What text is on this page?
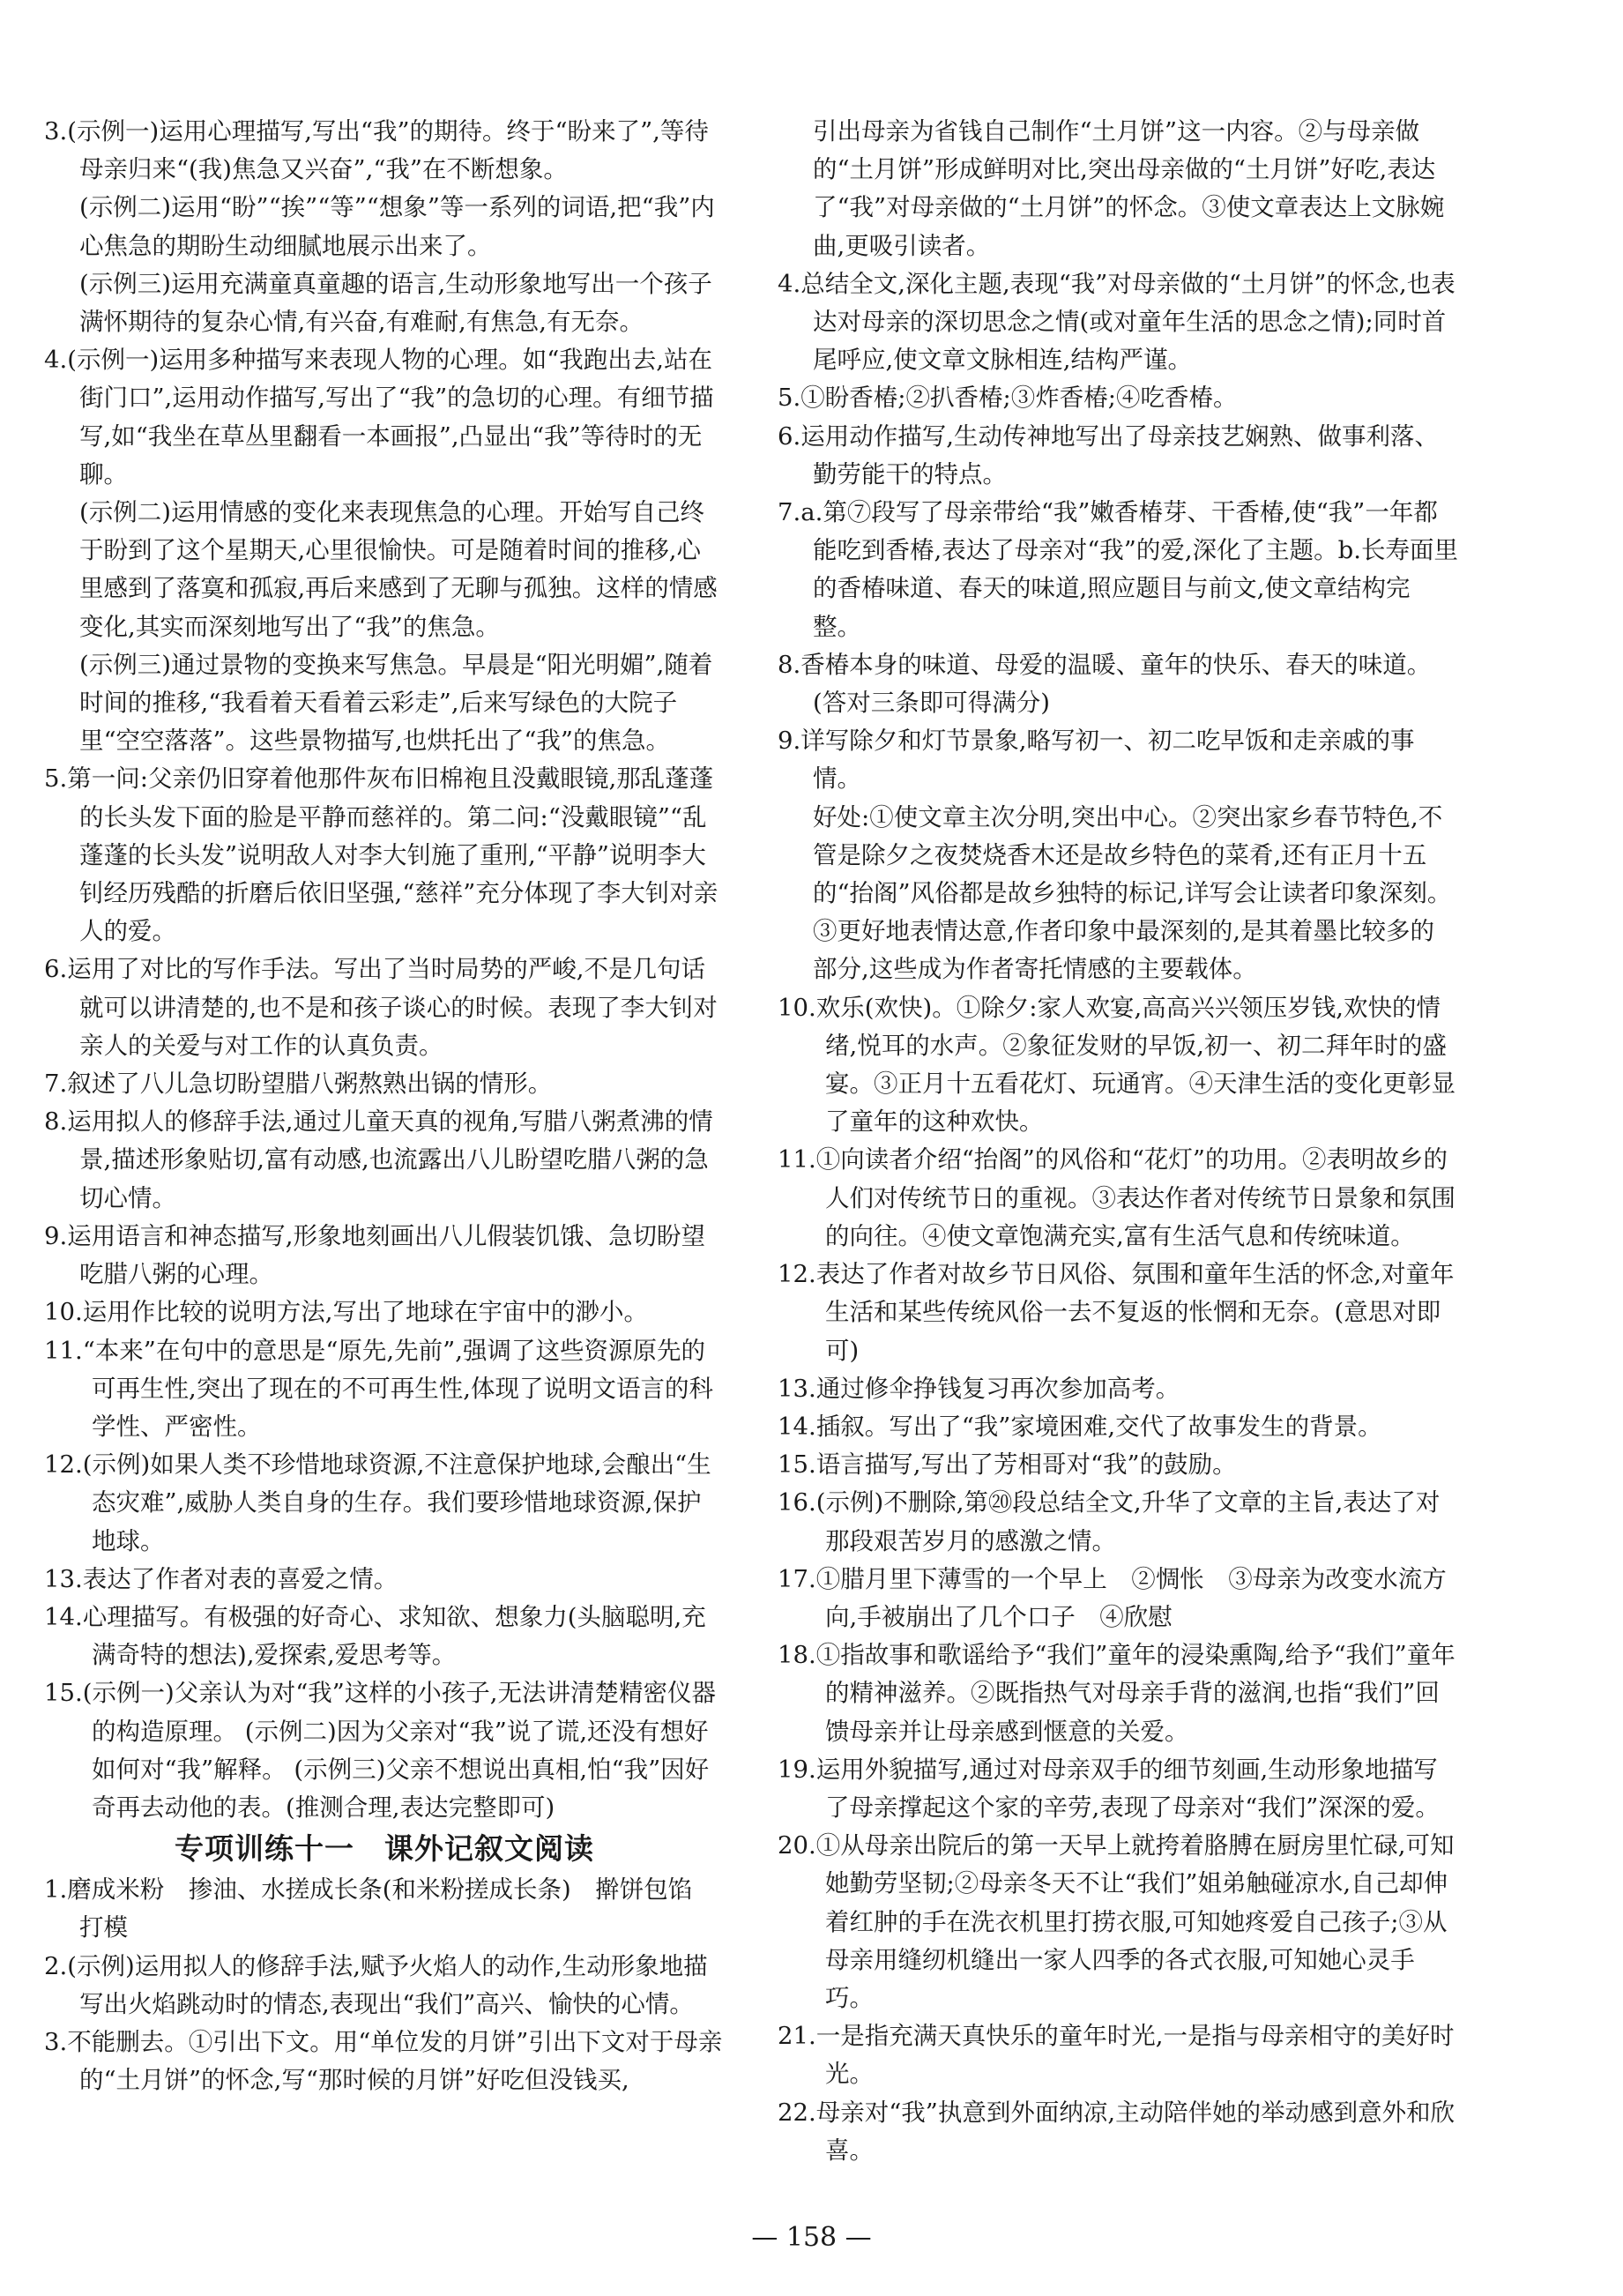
3.(示例一)运用心理描写,写出“我”的期待。终于“盼来了”,等待母亲归来“(我)焦急又兴奋”,“我”在不断想象。

(示例二)运用“盼”“挨”“等”“想象”等一系列的词语,把“我”内心焦急的期盼生动细腻地展示出来了。

(示例三)运用充满童真童趣的语言,生动形象地写出一个孩子满怀期待的复杂心情,有兴奋,有难耐,有焦急,有无奈。

4.(示例一)运用多种描写来表现人物的心理。如“我跑出去,站在街门口”,运用动作描写,写出了“我”的急切的心理。有细节描写,如“我坐在草丛里翻看一本画报”,凸显出“我”等待时的无聊。

(示例二)运用情感的变化来表现焦急的心理。开始写自己终于盼到了这个星期天,心里很愉快。可是随着时间的推移,心里感到了落寞和孤寂,再后来感到了无聊与孤独。这样的情感变化,其实而深刻地写出了“我”的焦急。

(示例三)通过景物的变换来写焦急。早晨是“阳光明媚”,随着时间的推移,“我看着天看着云彩走”,后来写绿色的大院子里“空空落落”。这些景物描写,也烘托出了“我”的焦急。

5.第一问:父亲仍旧穿着他那件灰布旧棉袍且没戴眼镜,那乱蓬蓬的长头发下面的脸是平静而慈祥的。第二问:“没戴眼镜”“乱蓬蓬的长头发”说明敌人对李大钊施了重刑,“平静”说明李大钊经历残酷的折磨后依旧坚强,“慈祥”充分体现了李大钊对亲人的爱。

6.运用了对比的写作手法。写出了当时局势的严峻,不是几句话就可以讲清楚的,也不是和孩子谈心的时候。表现了李大钊对亲人的关爱与对工作的认真负责。

7.叙述了八儿急切盼望腊八粥熬熟出锅的情形。

8.运用拟人的修辞手法,通过儿童天真的视角,写腊八粥煮沸的情景,描述形象贴切,富有动感,也流露出八儿盼望吃腊八粥的急切心情。

9.运用语言和神态描写,形象地刻画出八儿假装饥饿、急切盼望吃腊八粥的心理。

10.运用作比较的说明方法,写出了地球在宇宙中的渺小。

11.“本来”在句中的意思是“原先,先前”,强调了这些资源原先的可再生性,突出了现在的不可再生性,体现了说明文语言的科学性、严密性。

12.(示例)如果人类不珍惜地球资源,不注意保护地球,会酿出“生态灾难”,威胁人类自身的生存。我们要珍惜地球资源,保护地球。

13.表达了作者对表的喜爱之情。

14.心理描写。有极强的好奇心、求知欲、想象力(头脑聪明,充满奇特的想法),爱探索,爱思考等。

15.(示例一)父亲认为对“我”这样的小孩子,无法讲清楚精密仪器的构造原理。 (示例二)因为父亲对“我”说了谎,还没有想好如何对“我”解释。 (示例三)父亲不想说出真相,怕“我”因好奇再去动他的表。(推测合理,表达完整即可)

专项训练十一　课外记叙文阅读

1.磨成米粉　掺油、水搓成长条(和米粉搓成长条)　擀饼包馅　打模

2.(示例)运用拟人的修辞手法,赋予火焰人的动作,生动形象地描写出火焰跳动时的情态,表现出“我们”高兴、愉快的心情。

3.不能删去。①引出下文。用“单位发的月饼”引出下文对于母亲的“土月饼”的怀念,写“那时候的月饼”好吃但没钱买,

引出母亲为省钱自己制作“土月饼”这一内容。②与母亲做的“土月饼”形成鲜明对比,突出母亲做的“土月饼”好吃,表达了“我”对母亲做的“土月饼”的怀念。③使文章表达上文脉婉曲,更吸引读者。

4.总结全文,深化主题,表现“我”对母亲做的“土月饼”的怀念,也表达对母亲的深切思念之情(或对童年生活的思念之情);同时首尾呼应,使文章文脉相连,结构严谨。

5.①盼香椿;②扒香椿;③炸香椿;④吃香椿。

6.运用动作描写,生动传神地写出了母亲技艺娴熟、做事利落、勤劳能干的特点。

7.a.第⑦段写了母亲带给“我”嫩香椿芽、干香椿,使“我”一年都能吃到香椿,表达了母亲对“我”的爱,深化了主题。b.长寿面里的香椿味道、春天的味道,照应题目与前文,使文章结构完整。

8.香椿本身的味道、母爱的温暖、童年的快乐、春天的味道。(答对三条即可得满分)

9.详写除夕和灯节景象,略写初一、初二吃早饭和走亲戚的事情。

好处:①使文章主次分明,突出中心。②突出家乡春节特色,不管是除夕之夜焚烧香木还是故乡特色的菜肴,还有正月十五的“抬阁”风俗都是故乡独特的标记,详写会让读者印象深刻。③更好地表情达意,作者印象中最深刻的,是其着墨比较多的部分,这些成为作者寄托情感的主要载体。

10.欢乐(欢快)。①除夕:家人欢宴,高高兴兴领压岁钱,欢快的情绪,悦耳的水声。②象征发财的早饭,初一、初二拜年时的盛宴。③正月十五看花灯、玩通宵。④天津生活的变化更彰显了童年的这种欢快。

11.①向读者介绍“抬阁”的风俗和“花灯”的功用。②表明故乡的人们对传统节日的重视。③表达作者对传统节日景象和氛围的向往。④使文章饱满充实,富有生活气息和传统味道。

12.表达了作者对故乡节日风俗、氛围和童年生活的怀念,对童年生活和某些传统风俗一去不复返的怅惘和无奈。(意思对即可)

13.通过修伞挣钱复习再次参加高考。

14.插叙。写出了“我”家境困难,交代了故事发生的背景。

15.语言描写,写出了芳相哥对“我”的鼓励。

16.(示例)不删除,第⑳段总结全文,升华了文章的主旨,表达了对那段艰苦岁月的感激之情。

17.①腊月里下薄雪的一个早上　②惆怅　③母亲为改变水流方向,手被崩出了几个口子　④欣慰

18.①指故事和歌谣给予“我们”童年的浸染熏陶,给予“我们”童年的精神滋养。②既指热气对母亲手背的滋润,也指“我们”回馈母亲并让母亲感到惬意的关爱。

19.运用外貌描写,通过对母亲双手的细节刻画,生动形象地描写了母亲撑起这个家的辛劳,表现了母亲对“我们”深深的爱。

20.①从母亲出院后的第一天早上就挎着胳膊在厨房里忙碌,可知她勤劳坚韧;②母亲冬天不让“我们”姐弟触碰凉水,自己却伸着红肿的手在洗衣机里打捞衣服,可知她疼爱自己孩子;③从母亲用缝纫机缝出一家人四季的各式衣服,可知她心灵手巧。

21.一是指充满天真快乐的童年时光,一是指与母亲相守的美好时光。

22.母亲对“我”执意到外面纳凉,主动陪伴她的举动感到意外和欣喜。

— 158 —
